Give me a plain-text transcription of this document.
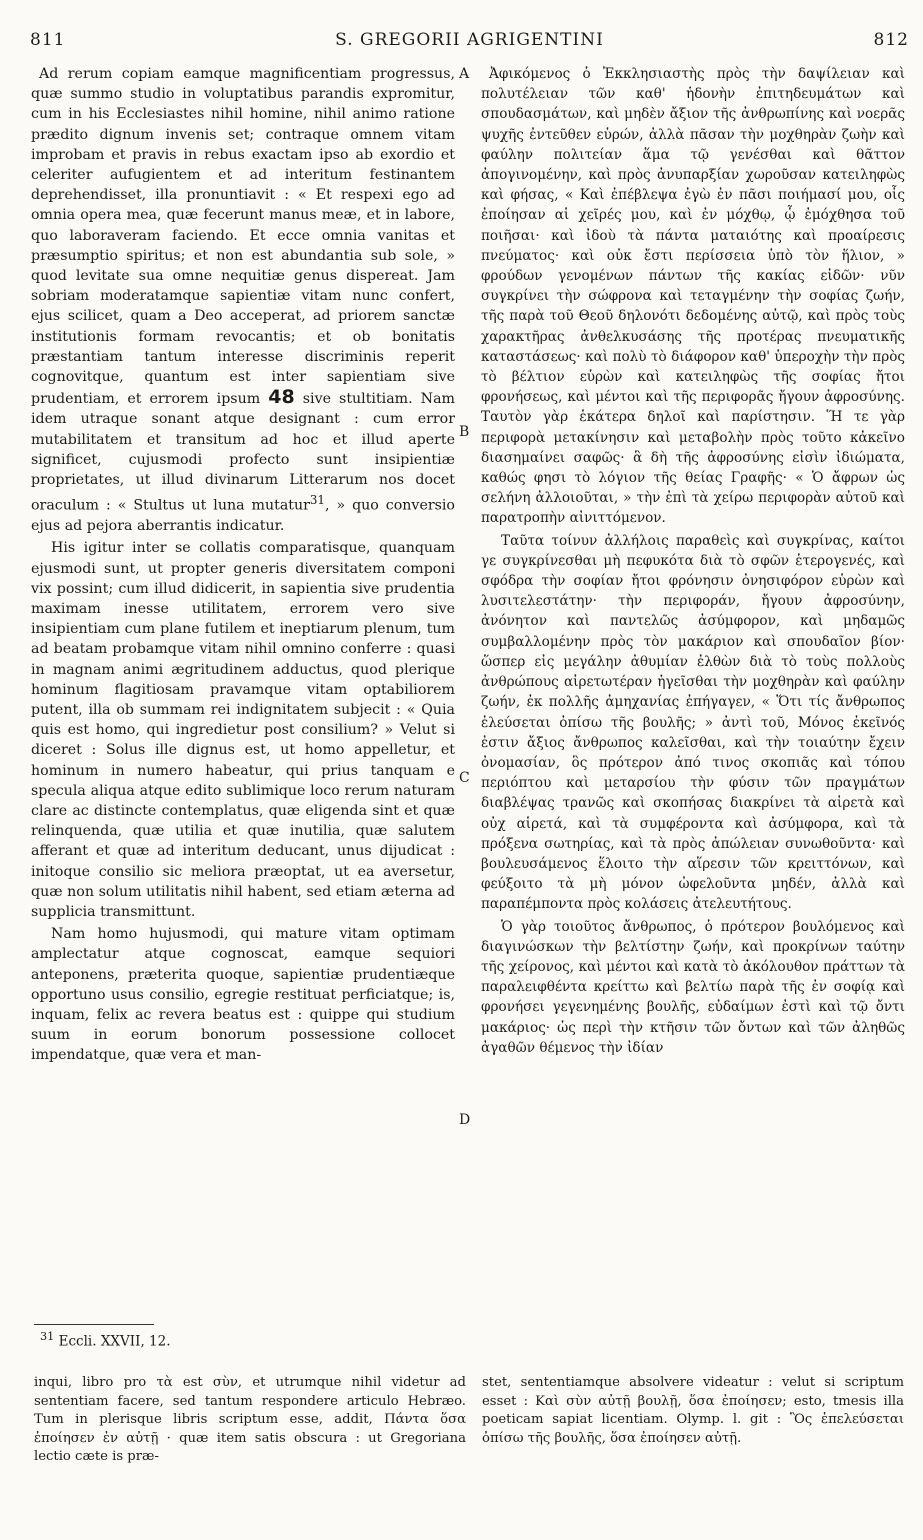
811	S. GREGORII AGRIGENTINI	812

Ad rerum copiam eamque magnificentiam progressus, quæ summo studio in voluptatibus parandis expromitur, cum in his Ecclesiastes nihil homine, nihil animo ratione prædito dignum invenis set; contraque omnem vitam improbam et pravis in rebus exactam ipso ab exordio et celeriter aufugientem et ad interitum festinantem deprehendisset, illa pronuntiavit : « Et respexi ego ad omnia opera mea, quæ fecerunt manus meæ, et in labore, quo laboraveram faciendo. Et ecce omnia vanitas et præsumptio spiritus; et non est abundantia sub sole, » quod levitate sua omne nequitiæ genus dispereat. Jam sobriam moderatamque sapientiæ vitam nunc confert, ejus scilicet, quam a Deo acceperat, ad priorem sanctæ institutionis formam revocantis; et ob bonitatis præstantiam tantum interesse discriminis reperit cognovitque, quantum est inter sapientiam sive prudentiam, et errorem ipsum 48 sive stultitiam. Nam idem utraque sonant atque designant : cum error mutabilitatem et transitum ad hoc et illud aperte significet, cujusmodi profecto sunt insipientiæ proprietates, ut illud divinarum Litterarum nos docet oraculum : « Stultus ut luna mutatur$^{31}$, » quo conversio ejus ad pejora aberrantis indicatur.

His igitur inter se collatis comparatisque, quanquam ejusmodi sunt, ut propter generis diversitatem componi vix possint; cum illud didicerit, in sapientia sive prudentia maximam inesse utilitatem, errorem vero sive insipientiam cum plane futilem et ineptiarum plenum, tum ad beatam probamque vitam nihil omnino conferre : quasi in magnam animi ægritudinem adductus, quod plerique hominum flagitiosam pravamque vitam optabiliorem putent, illa ob summam rei indignitatem subjecit : « Quia quis est homo, qui ingredietur post consilium? » Velut si diceret : Solus ille dignus est, ut homo appelletur, et hominum in numero habeatur, qui prius tanquam e specula aliqua atque edito sublimique loco rerum naturam clare ac distincte contemplatus, quæ eligenda sint et quæ relinquenda, quæ utilia et quæ inutilia, quæ salutem afferant et quæ ad interitum deducant, unus dijudicat : initoque consilio sic meliora præoptat, ut ea aversetur, quæ non solum utilitatis nihil habent, sed etiam æterna ad supplicia transmittunt.

Nam homo hujusmodi, qui mature vitam optimam amplectatur atque cognoscat, eamque sequiori anteponens, præterita quoque, sapientiæ prudentiæque opportuno usus consilio, egregie restituat perficiatque; is, inquam, felix ac revera beatus est : quippe qui studium suum in eorum bonorum possessione collocet impendatque, quæ vera et man-

A
B
C
D

Ἀφικόμενος ὁ Ἐκκλησιαστὴς πρὸς τὴν δαψίλειαν καὶ πολυτέλειαν τῶν καθ' ἡδονὴν ἐπιτηδευμάτων καὶ σπουδασμάτων, καὶ μηδὲν ἄξιον τῆς ἀνθρωπίνης καὶ νοερᾶς ψυχῆς ἐντεῦθεν εὑρών, ἀλλὰ πᾶσαν τὴν μοχθηρὰν ζωὴν καὶ φαύλην πολιτείαν ἅμα τῷ γενέσθαι καὶ θᾶττον ἀπογινομένην, καὶ πρὸς ἀνυπαρξίαν χωροῦσαν κατειληφὼς καὶ φήσας, « Καὶ ἐπέβλεψα ἐγὼ ἐν πᾶσι ποιήμασί μου, οἷς ἐποίησαν αἱ χεῖρές μου, καὶ ἐν μόχθῳ, ᾧ ἐμόχθησα τοῦ ποιῆσαι· καὶ ἰδοὺ τὰ πάντα ματαιότης καὶ προαίρεσις πνεύματος· καὶ οὐκ ἔστι περίσσεια ὑπὸ τὸν ἥλιον, » φρούδων γενομένων πάντων τῆς κακίας εἰδῶν· νῦν συγκρίνει τὴν σώφρονα καὶ τεταγμένην τὴν σοφίας ζωήν, τῆς παρὰ τοῦ Θεοῦ δηλονότι δεδομένης αὐτῷ, καὶ πρὸς τοὺς χαρακτῆρας ἀνθελκυσάσης τῆς προτέρας πνευματικῆς καταστάσεως· καὶ πολὺ τὸ διάφορον καθ' ὑπεροχὴν τὴν πρὸς τὸ βέλτιον εὑρὼν καὶ κατειληφὼς τῆς σοφίας ἤτοι φρονήσεως, καὶ μέντοι καὶ τῆς περιφορᾶς ἤγουν ἀφροσύνης. Ταυτὸν γὰρ ἑκάτερα δηλοῖ καὶ παρίστησιν. Ἥ τε γὰρ περιφορὰ μετακίνησιν καὶ μεταβολὴν πρὸς τοῦτο κἀκεῖνο διασημαίνει σαφῶς· ἃ δὴ τῆς ἀφροσύνης εἰσὶν ἰδιώματα, καθώς φησι τὸ λόγιον τῆς θείας Γραφῆς· « Ὁ ἄφρων ὡς σελήνη ἀλλοιοῦται, » τὴν ἐπὶ τὰ χείρω περιφορὰν αὐτοῦ καὶ παρατροπὴν αἰνιττόμενον.

Ταῦτα τοίνυν ἀλλήλοις παραθεὶς καὶ συγκρίνας, καίτοι γε συγκρίνεσθαι μὴ πεφυκότα διὰ τὸ σφῶν ἑτερογενές, καὶ σφόδρα τὴν σοφίαν ἤτοι φρόνησιν ὀνησιφόρον εὑρὼν καὶ λυσιτελεστάτην· τὴν περιφοράν, ἤγουν ἀφροσύνην, ἀνόνητον καὶ παντελῶς ἀσύμφορον, καὶ μηδαμῶς συμβαλλομένην πρὸς τὸν μακάριον καὶ σπουδαῖον βίον· ὥσπερ εἰς μεγάλην ἀθυμίαν ἐλθὼν διὰ τὸ τοὺς πολλοὺς ἀνθρώπους αἱρετωτέραν ἡγεῖσθαι τὴν μοχθηρὰν καὶ φαύλην ζωήν, ἐκ πολλῆς ἀμηχανίας ἐπήγαγεν, « Ὅτι τίς ἄνθρωπος ἐλεύσεται ὀπίσω τῆς βουλῆς; » ἀντὶ τοῦ, Μόνος ἐκεῖνός ἐστιν ἄξιος ἄνθρωπος καλεῖσθαι, καὶ τὴν τοιαύτην ἔχειν ὀνομασίαν, ὃς πρότερον ἀπό τινος σκοπιᾶς καὶ τόπου περιόπτου καὶ μεταρσίου τὴν φύσιν τῶν πραγμάτων διαβλέψας τρανῶς καὶ σκοπήσας διακρίνει τὰ αἱρετὰ καὶ οὐχ αἱρετά, καὶ τὰ συμφέροντα καὶ ἀσύμφορα, καὶ τὰ πρόξενα σωτηρίας, καὶ τὰ πρὸς ἀπώλειαν συνωθοῦντα· καὶ βουλευσάμενος ἕλοιτο τὴν αἵρεσιν τῶν κρειττόνων, καὶ φεύξοιτο τὰ μὴ μόνον ὠφελοῦντα μηδέν, ἀλλὰ καὶ παραπέμποντα πρὸς κολάσεις ἀτελευτήτους.

Ὁ γὰρ τοιοῦτος ἄνθρωπος, ὁ πρότερον βουλόμενος καὶ διαγινώσκων τὴν βελτίστην ζωήν, καὶ προκρίνων ταύτην τῆς χείρονος, καὶ μέντοι καὶ κατὰ τὸ ἀκόλουθον πράττων τὰ παραλειφθέντα κρείττω καὶ βελτίω παρὰ τῆς ἐν σοφίᾳ καὶ φρονήσει γεγενημένης βουλῆς, εὐδαίμων ἐστὶ καὶ τῷ ὄντι μακάριος· ὡς περὶ τὴν κτῆσιν τῶν ὄντων καὶ τῶν ἀληθῶς ἀγαθῶν θέμενος τὴν ἰδίαν

$^{31}$ Eccli. XXVII, 12.

inqui, libro pro τὰ est σὺν, et utrumque nihil videtur ad sententiam facere, sed tantum respondere articulo Hebræo. Tum in plerisque libris scriptum esse, addit, Πάντα ὅσα ἐποίησεν ἐν αὐτῇ · quæ item satis obscura : ut Gregoriana lectio cæte is præ-

stet, sententiamque absolvere videatur : velut si scriptum esset : Καὶ σὺν αὐτῇ βουλῇ, ὅσα ἐποίησεν; esto, tmesis illa poeticam sapiat licentiam. Olymp. l. git : Ὃς ἐπελεύσεται ὀπίσω τῆς βουλῆς, ὅσα ἐποίησεν αὐτῇ.
